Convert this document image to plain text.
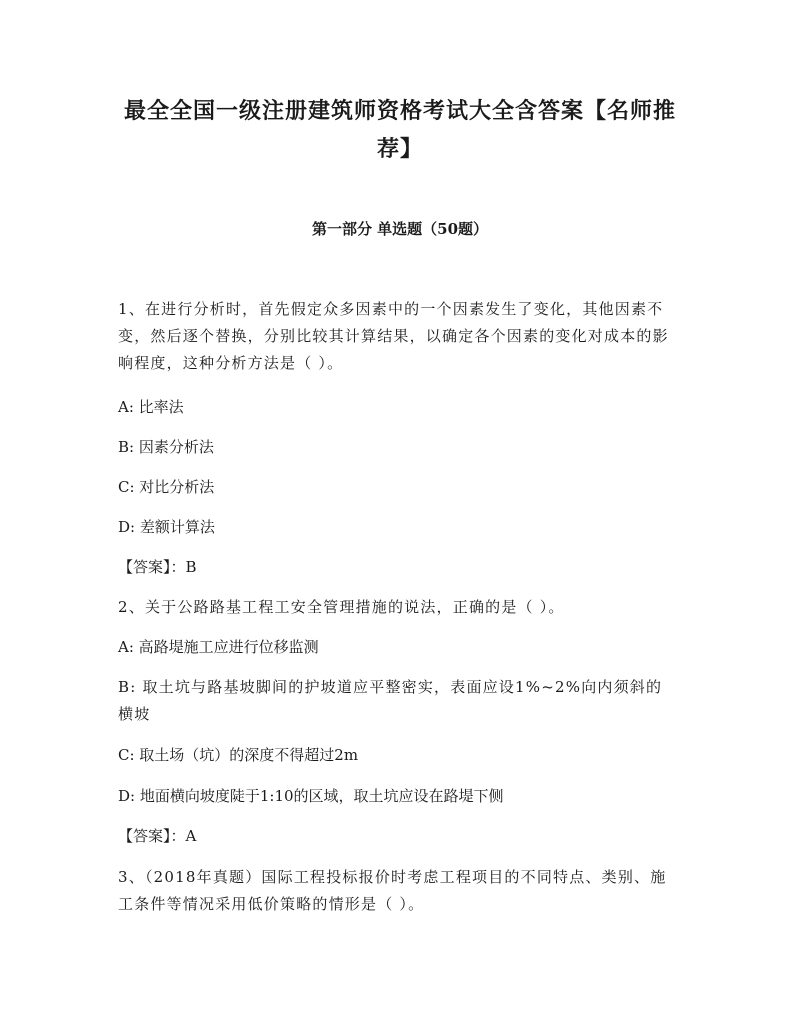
最全全国一级注册建筑师资格考试大全含答案【名师推荐】
第一部分 单选题（50题）
1、在进行分析时，首先假定众多因素中的一个因素发生了变化，其他因素不变，然后逐个替换，分别比较其计算结果，以确定各个因素的变化对成本的影响程度，这种分析方法是（ ）。
A: 比率法
B: 因素分析法
C: 对比分析法
D: 差额计算法
【答案】：B
2、关于公路路基工程工安全管理措施的说法，正确的是（ ）。
A: 高路堤施工应进行位移监测
B: 取土坑与路基坡脚间的护坡道应平整密实，表面应设1%~2%向内须斜的横坡
C: 取土场（坑）的深度不得超过2m
D: 地面横向坡度陡于1:10的区域，取土坑应设在路堤下侧
【答案】：A
3、（2018年真题）国际工程投标报价时考虑工程项目的不同特点、类别、施工条件等情况采用低价策略的情形是（ ）。
